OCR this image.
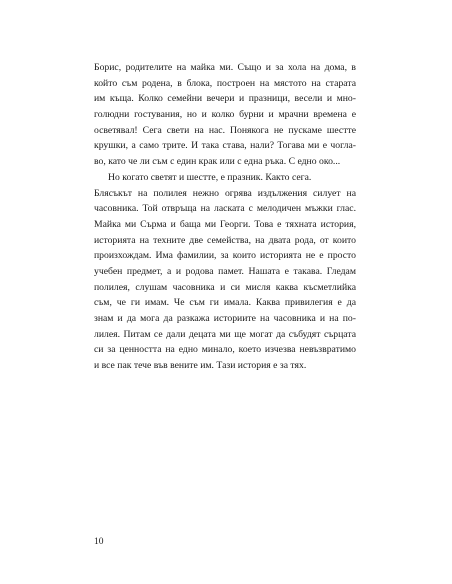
Борис, родителите на майка ми. Също и за хола на дома, в
който съм родена, в блока, построен на мястото на старата
им къща. Колко семейни вечери и празници, весели и мно-
голюдни гостувания, но и колко бурни и мрачни времена е
осветявал! Сега свети на нас. Понякога не пускаме шестте
крушки, а само трите. И така става, нали? Тогава ми е чогла-
во, като че ли съм с един крак или с една ръка. С едно око...
Но когато светят и шестте, е празник. Както сега.
Блясъкът на полилея нежно огрява издължения силует на
часовника. Той отвръща на ласката с мелодичен мъжки глас.
Майка ми Сърма и баща ми Георги. Това е тяхната история,
историята на техните две семейства, на двата рода, от които
произхождам. Има фамилии, за които историята не е просто
учебен предмет, а и родова памет. Нашата е такава. Гледам
полилея, слушам часовника и си мисля каква късметлийка
съм, че ги имам. Че съм ги имала. Каква привилегия е да
знам и да мога да разкажа историите на часовника и на по-
лилея. Питам се дали децата ми ще могат да събудят сърцата
си за ценността на едно минало, което изчезва невъзвратимо
и все пак тече във вените им. Тази история е за тях.
10
